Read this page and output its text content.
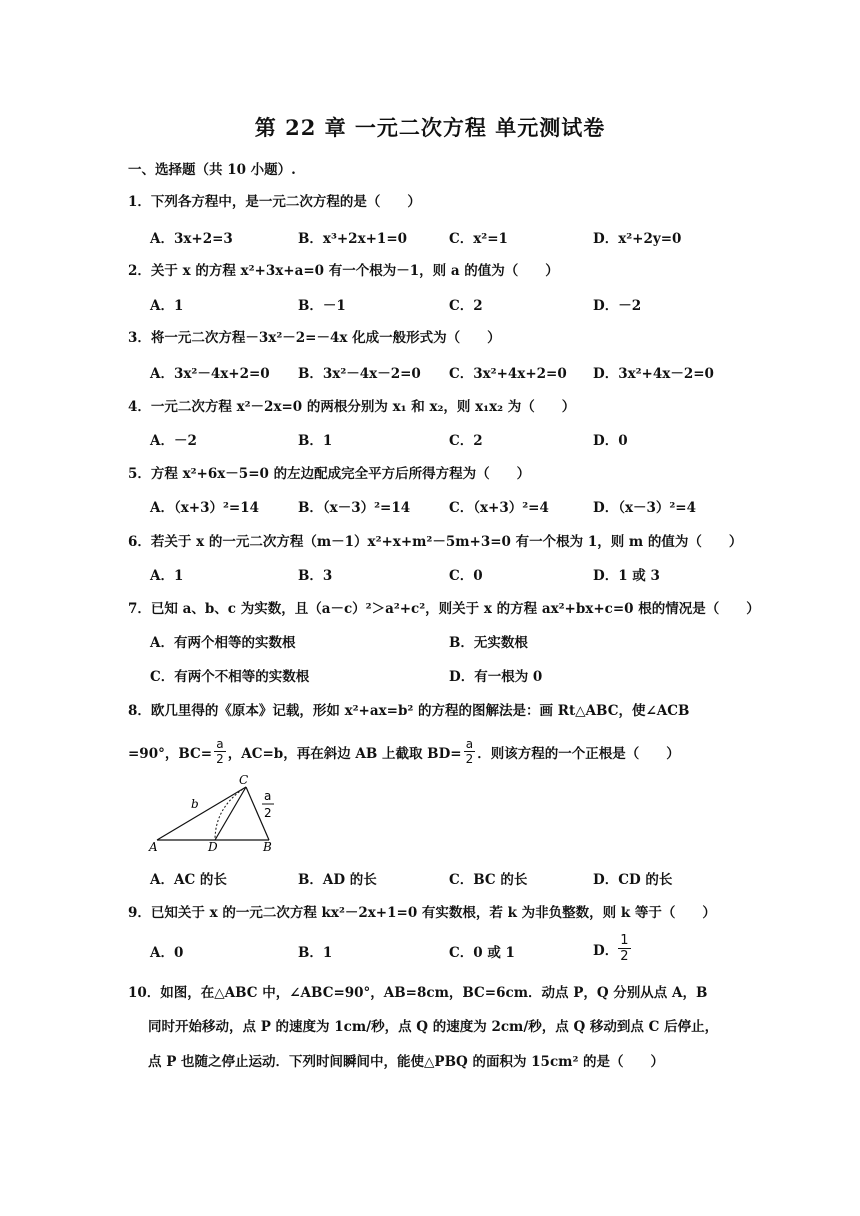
第 22 章 一元二次方程 单元测试卷
一、选择题（共 10 小题）.
1．下列各方程中，是一元二次方程的是（　　）
A．3x+2=3	B．x³+2x+1=0	C．x²=1	D．x²+2y=0
2．关于 x 的方程 x²+3x+a=0 有一个根为－1，则 a 的值为（　　）
A．1	B．－1	C．2	D．－2
3．将一元二次方程－3x²－2=－4x 化成一般形式为（　　）
A．3x²－4x+2=0 B．3x²－4x－2=0 C．3x²+4x+2=0 D．3x²+4x－2=0
4．一元二次方程 x²－2x=0 的两根分别为 x₁ 和 x₂，则 x₁x₂ 为（　　）
A．－2	B．1	C．2	D．0
5．方程 x²+6x－5=0 的左边配成完全平方后所得方程为（　　）
A．（x+3）²=14	B．（x－3）²=14	C．（x+3）²=4	D．（x－3）²=4
6．若关于 x 的一元二次方程（m－1）x²+x+m²－5m+3=0 有一个根为 1，则 m 的值为（　　）
A．1	B．3	C．0	D．1 或 3
7．已知 a、b、c 为实数，且（a－c）²＞a²+c²，则关于 x 的方程 ax²+bx+c=0 根的情况是（　　）
A．有两个相等的实数根	B．无实数根
C．有两个不相等的实数根	D．有一根为 0
8．欧几里得的《原本》记载，形如 x²+ax=b² 的方程的图解法是：画 Rt△ABC，使∠ACB
=90°，$BC= \frac{a}{2}$ ，AC=b，再在斜边 AB 上截取 $BD= \frac{a}{2}$ ．则该方程的一个正根是（　　）
A	D	B
C
b
a
2
A．AC 的长	B．AD 的长	C．BC 的长	D．CD 的长
9．已知关于 x 的一元二次方程 kx²－2x+1=0 有实数根，若 k 为非负整数，则 k 等于（　　）
A．0	B．1	C．0 或 1	D． $\frac{1}{2}$
10．如图，在△ABC 中，∠ABC=90°，AB=8cm，BC=6cm．动点 P，Q 分别从点 A，B
同时开始移动，点 P 的速度为 1cm/秒，点 Q 的速度为 2cm/秒，点 Q 移动到点 C 后停止，
点 P 也随之停止运动．下列时间瞬间中，能使△PBQ 的面积为 15cm² 的是（　　）
